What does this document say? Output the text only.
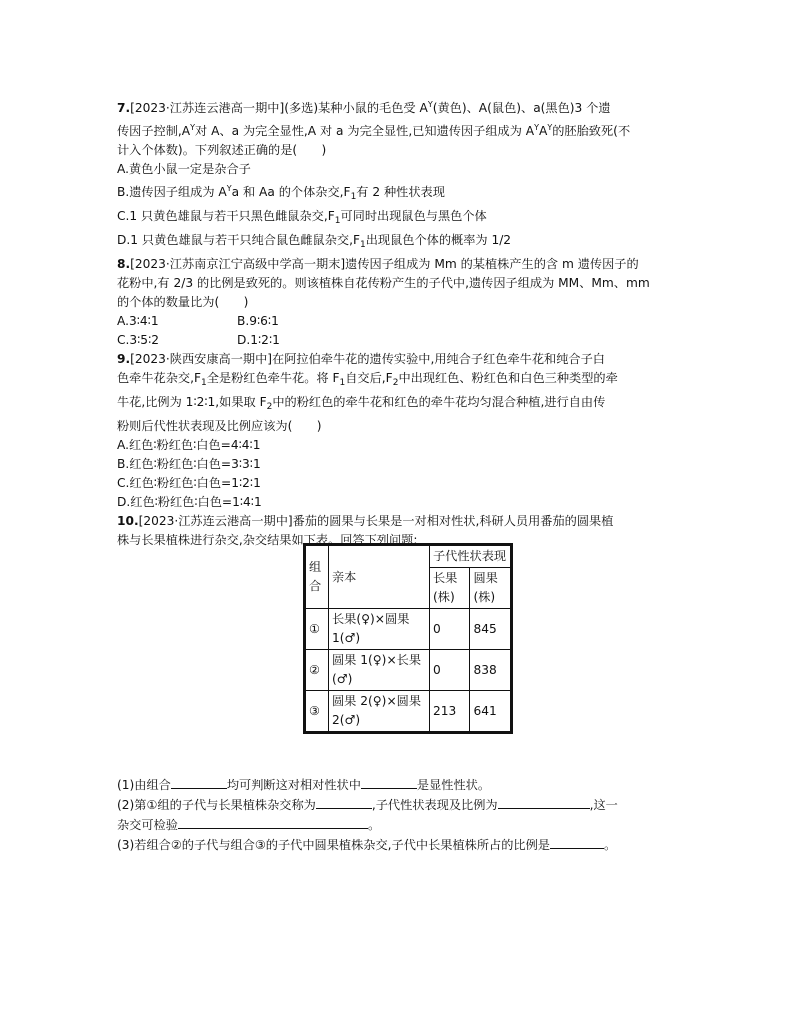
7.[2023·江苏连云港高一期中](多选)某种小鼠的毛色受 $A^Y$(黄色)、A(鼠色)、a(黑色)3 个遗
传因子控制$,A^Y$对 A、a 为完全显性,A 对 a 为完全显性,已知遗传因子组成为 $A^YA^Y$的胚胎致死(不
计入个体数)。下列叙述正确的是(　　)
A.黄色小鼠一定是杂合子
B.遗传因子组成为 $A^Ya$ 和 Aa 的个体杂交$,F_1$有 2 种性状表现
C.1 只黄色雄鼠与若干只黑色雌鼠杂交$,F_1$可同时出现鼠色与黑色个体
D.1 只黄色雄鼠与若干只纯合鼠色雌鼠杂交$,F_1$出现鼠色个体的概率为 1/2
8.[2023·江苏南京江宁高级中学高一期末]遗传因子组成为 Mm 的某植株产生的含 m 遗传因子的
花粉中,有 2/3 的比例是致死的。则该植株自花传粉产生的子代中,遗传因子组成为 MM、Mm、mm
的个体的数量比为(　　)
A.3∶4∶1	B.9∶6∶1
C.3∶5∶2	D.1∶2∶1
9.[2023·陕西安康高一期中]在阿拉伯牵牛花的遗传实验中,用纯合子红色牵牛花和纯合子白
色牵牛花杂交$,F_1$全是粉红色牵牛花。将 $F_1$自交后$,F_2$中出现红色、粉红色和白色三种类型的牵
牛花,比例为 1∶2∶1,如果取 $F_2$中的粉红色的牵牛花和红色的牵牛花均匀混合种植,进行自由传
粉则后代性状表现及比例应该为(　　)
A.红色∶粉红色∶白色=4∶4∶1
B.红色∶粉红色∶白色=3∶3∶1
C.红色∶粉红色∶白色=1∶2∶1
D.红色∶粉红色∶白色=1∶4∶1
10.[2023·江苏连云港高一期中]番茄的圆果与长果是一对相对性状,科研人员用番茄的圆果植
株与长果植株进行杂交,杂交结果如下表。回答下列问题:
组合	亲本	子代性状表现	
		长果(株)	圆果(株)
①	长果(♀)×圆果 1(♂)	0	845
②	圆果 1(♀)×长果(♂)	0	838
③	圆果 2(♀)×圆果 2(♂)	213	641
(1)由组合	均可判断这对相对性状中	是显性性状。
(2)第①组的子代与长果植株杂交称为	,子代性状表现及比例为	,这一
杂交可检验	。
(3)若组合②的子代与组合③的子代中圆果植株杂交,子代中长果植株所占的比例是	。
